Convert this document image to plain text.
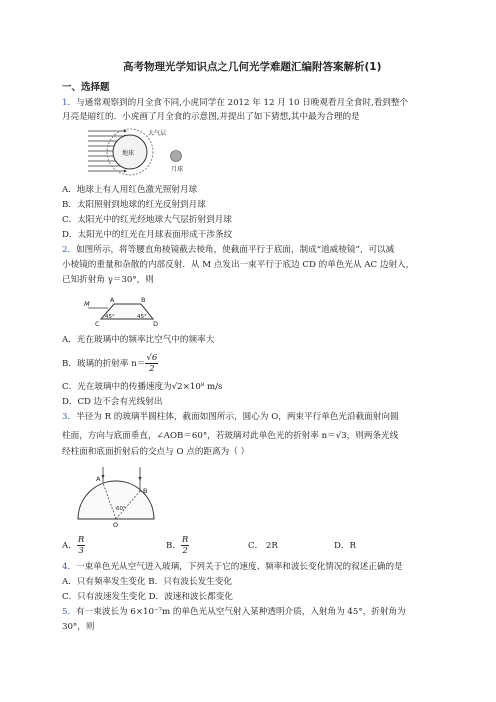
高考物理光学知识点之几何光学难题汇编附答案解析(1)
一、选择题
1．与通常观察到的月全食不同,小虎同学在 2012 年 12 月 10 日晚观看月全食时,看到整个
月亮是暗红的．小虎画了月全食的示意图,并提出了如下猜想,其中最为合理的是
大气层
地球
月球
A．地球上有人用红色激光照射月球
B．太阳照射到地球的红光反射到月球
C．太阳光中的红光经地球大气层折射到月球
D．太阳光中的红光在月球表面形成干涉条纹
2．如图所示，将等腰直角棱镜截去棱角，使截面平行于底面，制成“道威棱镜”，可以减
小棱镜的重量和杂散的内部反射．从 M 点发出一束平行于底边 CD 的单色光从 AC 边射入，
已知折射角 γ＝30°，则
M	A	B
C	D
45°	45°
A．光在玻璃中的频率比空气中的频率大
B．玻璃的折射率 $n= \frac{√6}{2}$
C．光在玻璃中的传播速度为√2×10⁸ m/s
D．CD 边不会有光线射出
3．半径为 R 的玻璃半圆柱体，截面如图所示，圆心为 O，两束平行单色光沿截面射向圆
柱面，方向与底面垂直，∠AOB＝60°，若玻璃对此单色光的折射率 n＝√3，则两条光线
经柱面和底面折射后的交点与 O 点的距离为（ ）
A
B
O
60°
A． $\frac{R}{3}$	B． $\frac{R}{2}$	C． 2R	D．R
4．一束单色光从空气进入玻璃，下列关于它的速度、频率和波长变化情况的叙述正确的是
A．只有频率发生变化 B．只有波长发生变化
C．只有波速发生变化 D．波速和波长都变化
5．有一束波长为 6×10⁻⁷m 的单色光从空气射入某种透明介质，入射角为 45°，折射角为
30°，则
